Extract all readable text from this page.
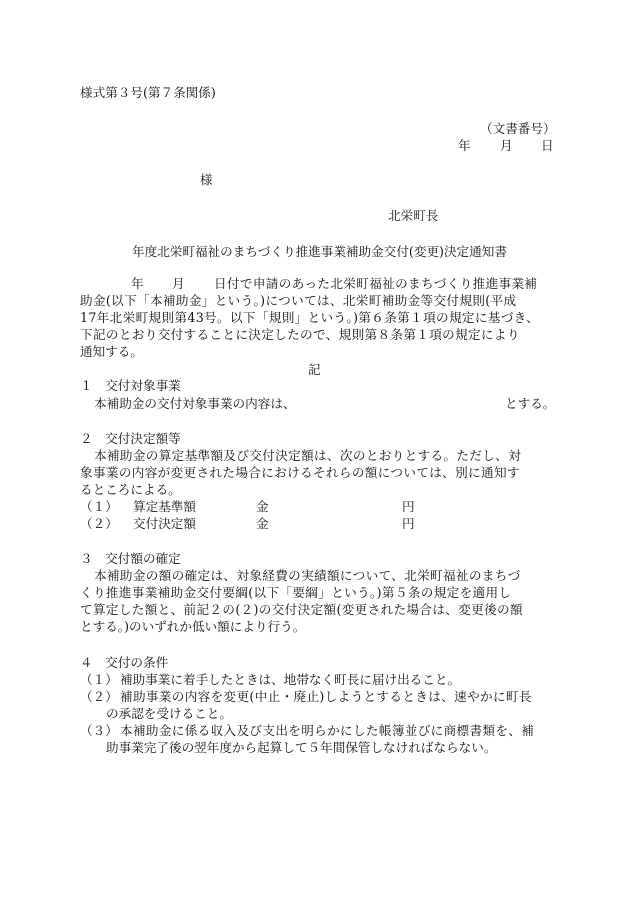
様式第３号(第７条関係)
（文書番号）
年 月 日
様
北栄町長
年度北栄町福祉のまちづくり推進事業補助金交付(変更)決定通知書
年 月 日付で申請のあった北栄町福祉のまちづくり推進事業補
助金(以下「本補助金」という。)については、北栄町補助金等交付規則(平成
17年北栄町規則第43号。以下「規則」という。)第６条第１項の規定に基づき、
下記のとおり交付することに決定したので、規則第８条第１項の規定により
通知する。
記
１　交付対象事業
本補助金の交付対象事業の内容は、	とする。
２　交付決定額等
本補助金の算定基準額及び交付決定額は、次のとおりとする。ただし、対
象事業の内容が変更された場合におけるそれらの額については、別に通知す
るところによる。
（１） 算定基準額	金	円
（２） 交付決定額	金	円
３　交付額の確定
本補助金の額の確定は、対象経費の実績額について、北栄町福祉のまちづ
くり推進事業補助金交付要綱(以下「要綱」という。)第５条の規定を適用し
て算定した額と、前記２の(２)の交付決定額(変更された場合は、変更後の額
とする。)のいずれか低い額により行う。
４　交付の条件
（１） 補助事業に着手したときは、地帯なく町長に届け出ること。
（２） 補助事業の内容を変更(中止・廃止)しようとするときは、速やかに町長
の承認を受けること。
（３） 本補助金に係る収入及び支出を明らかにした帳簿並びに商標書類を、補
助事業完了後の翌年度から起算して５年間保管しなければならない。
